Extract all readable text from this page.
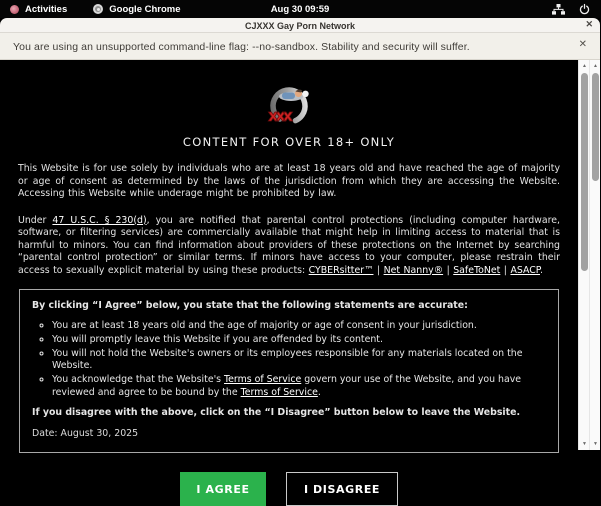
Activities	Google Chrome	Aug 30 09:59
CJXXX Gay Porn Network	✕
You are using an unsupported command-line flag: --no-sandbox. Stability and security will suffer.	✕
xxx
CONTENT FOR OVER 18+ ONLY

This Website is for use solely by individuals who are at least 18 years old and have reached the age of majority or age of consent as determined by the laws of the jurisdiction from which they are accessing the Website. Accessing this Website while underage might be prohibited by law.

Under 47 U.S.C. § 230(d), you are notified that parental control protections (including computer hardware, software, or filtering services) are commercially available that might help in limiting access to material that is harmful to minors. You can find information about providers of these protections on the Internet by searching “parental control protection” or similar terms. If minors have access to your computer, please restrain their access to sexually explicit material by using these products: CYBERsitter™ | Net Nanny® | SafeToNet | ASACP.

By clicking “I Agree” below, you state that the following statements are accurate:
◦ You are at least 18 years old and the age of majority or age of consent in your jurisdiction.
◦ You will promptly leave this Website if you are offended by its content.
◦ You will not hold the Website's owners or its employees responsible for any materials located on the Website.
◦ You acknowledge that the Website's Terms of Service govern your use of the Website, and you have reviewed and agree to be bound by the Terms of Service.
If you disagree with the above, click on the “I Disagree” button below to leave the Website.
Date: August 30, 2025
I AGREE	I DISAGREE
▲
▼
▲
▼
